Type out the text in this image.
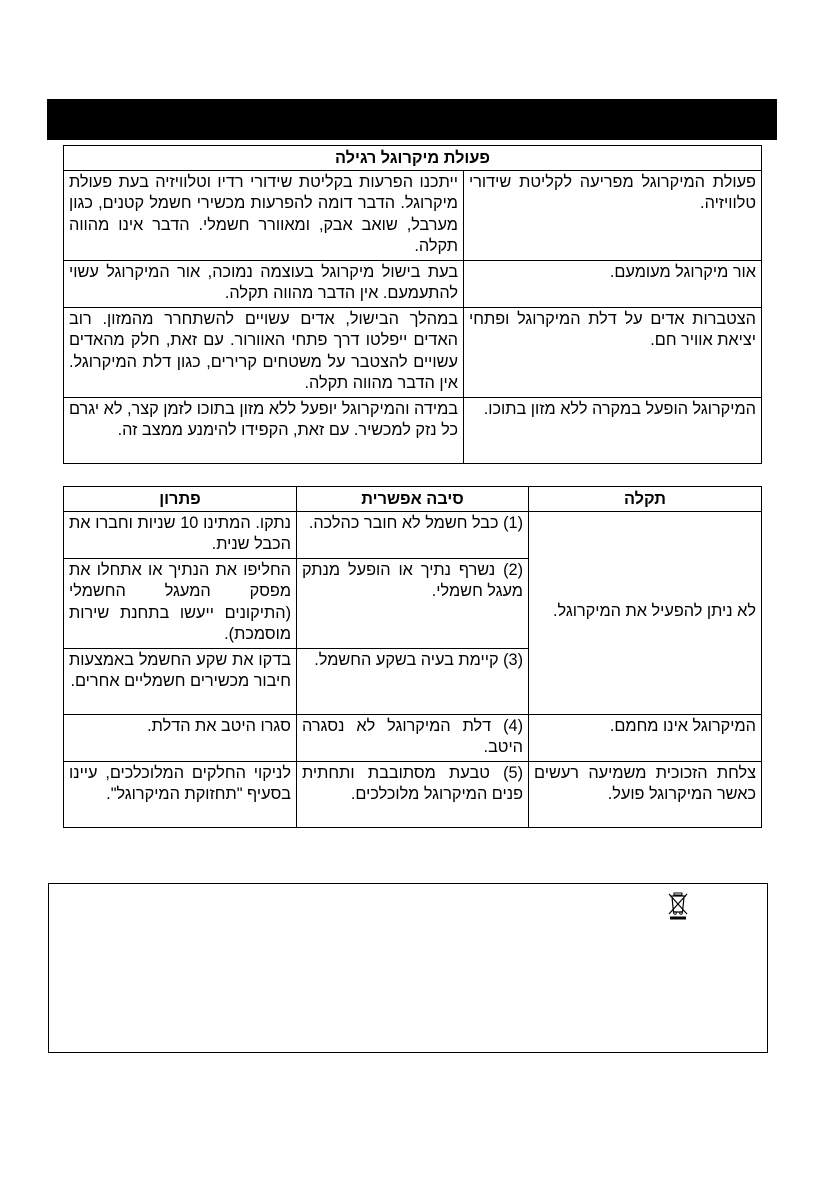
פעולת מיקרוגל רגילה	
פעולת המיקרוגל מפריעה לקליטת שידורי טלוויזיה.	ייתכנו הפרעות בקליטת שידורי רדיו וטלוויזיה בעת פעולת מיקרוגל. הדבר דומה להפרעות מכשירי חשמל קטנים, כגון מערבל, שואב אבק, ומאוורר חשמלי. הדבר אינו מהווה תקלה.
אור מיקרוגל מעומעם.	בעת בישול מיקרוגל בעוצמה נמוכה, אור המיקרוגל עשוי להתעמעם. אין הדבר מהווה תקלה.
הצטברות אדים על דלת המיקרוגל ופתחי יציאת אוויר חם.	במהלך הבישול, אדים עשויים להשתחרר מהמזון. רוב האדים ייפלטו דרך פתחי האוורור. עם זאת, חלק מהאדים עשויים להצטבר על משטחים קרירים, כגון דלת המיקרוגל. אין הדבר מהווה תקלה.
המיקרוגל הופעל במקרה ללא מזון בתוכו.	במידה והמיקרוגל יופעל ללא מזון בתוכו לזמן קצר, לא יגרם כל נזק למכשיר. עם זאת, הקפידו להימנע ממצב זה.
תקלה	סיבה אפשרית	פתרון
לא ניתן להפעיל את המיקרוגל.	(1) כבל חשמל לא חובר כהלכה.	נתקו. המתינו 10 שניות וחברו את הכבל שנית.
	(2) נשרף נתיך או הופעל מנתק מעגל חשמלי.	החליפו את הנתיך או אתחלו את מפסק המעגל החשמלי (התיקונים ייעשו בתחנת שירות מוסמכת).
	(3) קיימת בעיה בשקע החשמל.	בדקו את שקע החשמל באמצעות חיבור מכשירים חשמליים אחרים.
המיקרוגל אינו מחמם.	(4) דלת המיקרוגל לא נסגרה היטב.	סגרו היטב את הדלת.
צלחת הזכוכית משמיעה רעשים כאשר המיקרוגל פועל.	(5) טבעת מסתובבת ותחתית פנים המיקרוגל מלוכלכים.	לניקוי החלקים המלוכלכים, עיינו בסעיף "תחזוקת המיקרוגל".
